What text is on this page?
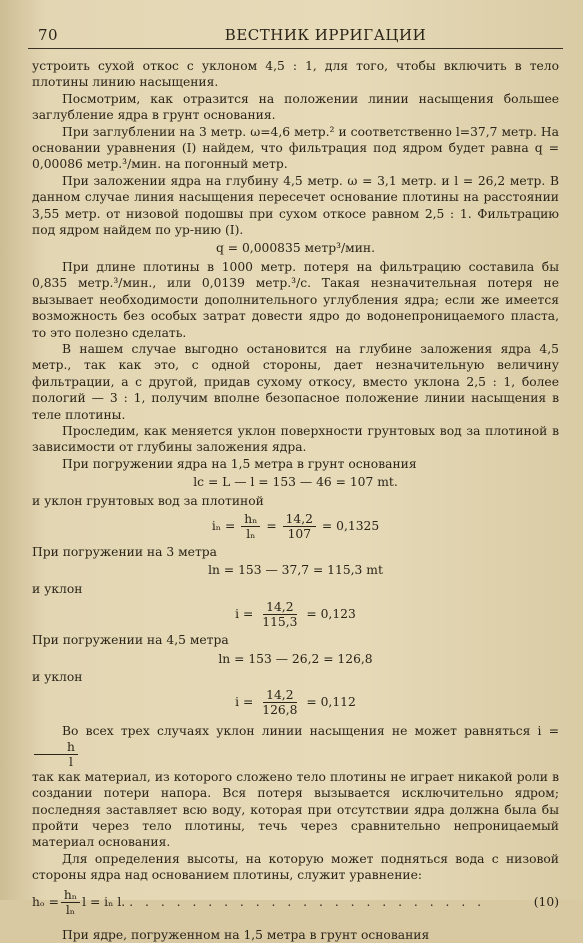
70	ВЕСТНИК ИРРИГАЦИИ

устроить сухой откос с уклоном 4,5 : 1, для того, чтобы включить в тело плотины линию насыщения.

Посмотрим, как отразится на положении линии насыщения большее заглубление ядра в грунт основания.

При заглублении на 3 метр. ω=4,6 метр.² и соответственно l=37,7 метр. На основании уравнения (I) найдем, что фильтрация под ядром будет равна q = 0,00086 метр.³/мин. на погонный метр.

При заложении ядра на глубину 4,5 метр. ω = 3,1 метр. и l = 26,2 метр. В данном случае линия насыщения пересечет основание плотины на расстоянии 3,55 метр. от низовой подошвы при сухом откосе равном 2,5 : 1. Фильтрацию под ядром найдем по ур-нию (I).

q = 0,000835 метр³/мин.

При длине плотины в 1000 метр. потеря на фильтрацию составила бы 0,835 метр.³/мин., или 0,0139 метр.³/с. Такая незначительная потеря не вызывает необходимости дополнительного углубления ядра; если же имеется возможность без особых затрат довести ядро до водонепроницаемого пласта, то это полезно сделать.

В нашем случае выгодно остановится на глубине заложения ядра 4,5 метр., так как это, с одной стороны, дает незначительную величину фильтрации, а с другой, придав сухому откосу, вместо уклона 2,5 : 1, более пологий — 3 : 1, получим вполне безопасное положение линии насыщения в теле плотины.

Проследим, как меняется уклон поверхности грунтовых вод за плотиной в зависимости от глубины заложения ядра.

При погружении ядра на 1,5 метра в грунт основания

lc = L — l = 153 — 46 = 107 mt.

и уклон грунтовых вод за плотиной

$i_n = \frac{\text{hₙ}}{\text{lₙ}} = \frac{14,2}{107} = 0,1325$

При погружении на 3 метра

ln = 153 — 37,7 = 115,3 mt

и уклон

$i = \frac{14,2}{115,3} = 0,123$

При погружении на 4,5 метра

ln = 153 — 26,2 = 126,8

и уклон

$i = \frac{14,2}{126,8} = 0,112$

Во всех трех случаях уклон линии насыщения не может равняться i =
$\frac{h}{l}$

так как материал, из которого сложено тело плотины не играет никакой роли в создании потери напора. Вся потеря вызывается исключительно ядром; последняя заставляет всю воду, которая при отсутствии ядра должна была бы пройти через тело плотины, течь через сравнительно непроницаемый материал основания.

Для определения высоты, на которую может подняться вода с низовой стороны ядра над основанием плотины, служит уравнение:

$h_o = \frac{\text{hₙ}}{\text{lₙ}}$ l = iₙ l. . . . . . . . . . . . . . . . . . . . . . . .	(10)

При ядре, погруженном на 1,5 метра в грунт основания
